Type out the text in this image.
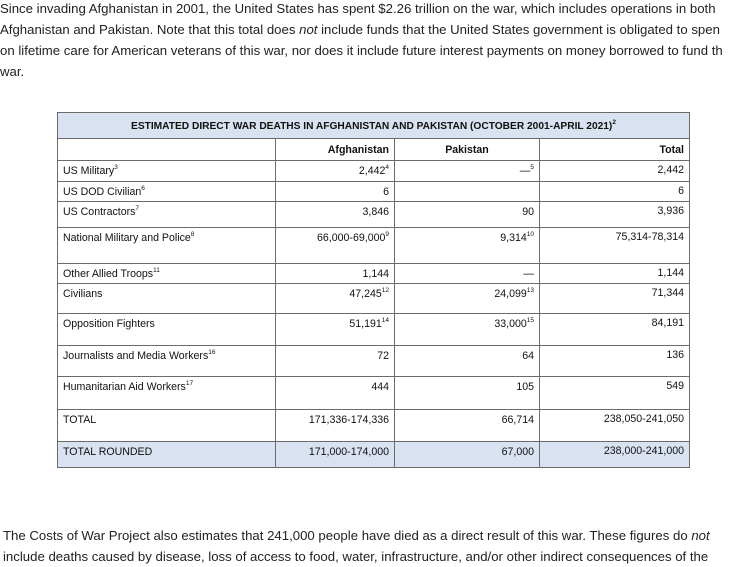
Since invading Afghanistan in 2001, the United States has spent $2.26 trillion on the war, which includes operations in both
Afghanistan and Pakistan. Note that this total does not include funds that the United States government is obligated to spen
on lifetime care for American veterans of this war, nor does it include future interest payments on money borrowed to fund th
war.
ESTIMATED DIRECT WAR DEATHS IN AFGHANISTAN AND PAKISTAN (OCTOBER 2001-APRIL 2021)$^2$
	Afghanistan	Pakistan	Total
US Military$^3$	2,442$^4$	—$^5$	2,442
US DOD Civilian$^6$	6		6
US Contractors$^7$	3,846	90	3,936
National Military and Police$^8$	66,000-69,000$^9$	9,314$^{10}$	75,314-78,314
Other Allied Troops$^{11}$	1,144	—	1,144
Civilians	47,245$^{12}$	24,099$^{13}$	71,344
Opposition Fighters	51,191$^{14}$	33,000$^{15}$	84,191
Journalists and Media Workers$^{16}$	72	64	136
Humanitarian Aid Workers$^{17}$	444	105	549
TOTAL	171,336-174,336	66,714	238,050-241,050
TOTAL ROUNDED	171,000-174,000	67,000	238,000-241,000
The Costs of War Project also estimates that 241,000 people have died as a direct result of this war. These figures do not
include deaths caused by disease, loss of access to food, water, infrastructure, and/or other indirect consequences of the
